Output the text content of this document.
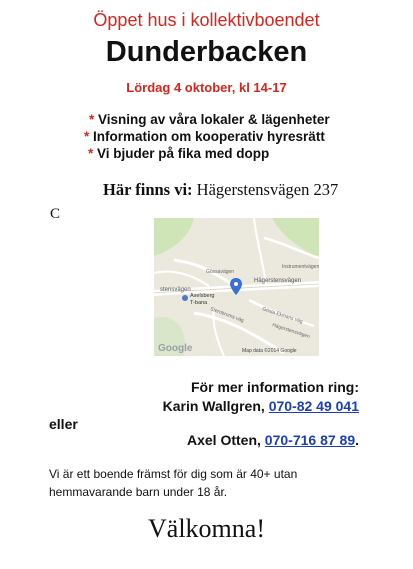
Öppet hus i kollektivboendet
Dunderbacken
Lördag 4 oktober, kl 14-17
* Visning av våra lokaler & lägenheter
* Information om kooperativ hyresrätt
* Vi bjuder på fika med dopp
Här finns vi: Hägerstensvägen 237
C
stensvägen
Hägerstensvägen
Gössavägen
Instrumentvägen
Sternbroms väg	Gösta Ekmans väg
Hägerstensvägen
Axelsberg
T-bana
Google	Map data ©2014 Google
För mer information ring:
Karin Wallgren, 070-82 49 041
eller
Axel Otten, 070-716 87 89.
Vi är ett boende främst för dig som är 40+ utan hemmavarande barn under 18 år.
Välkomna!
